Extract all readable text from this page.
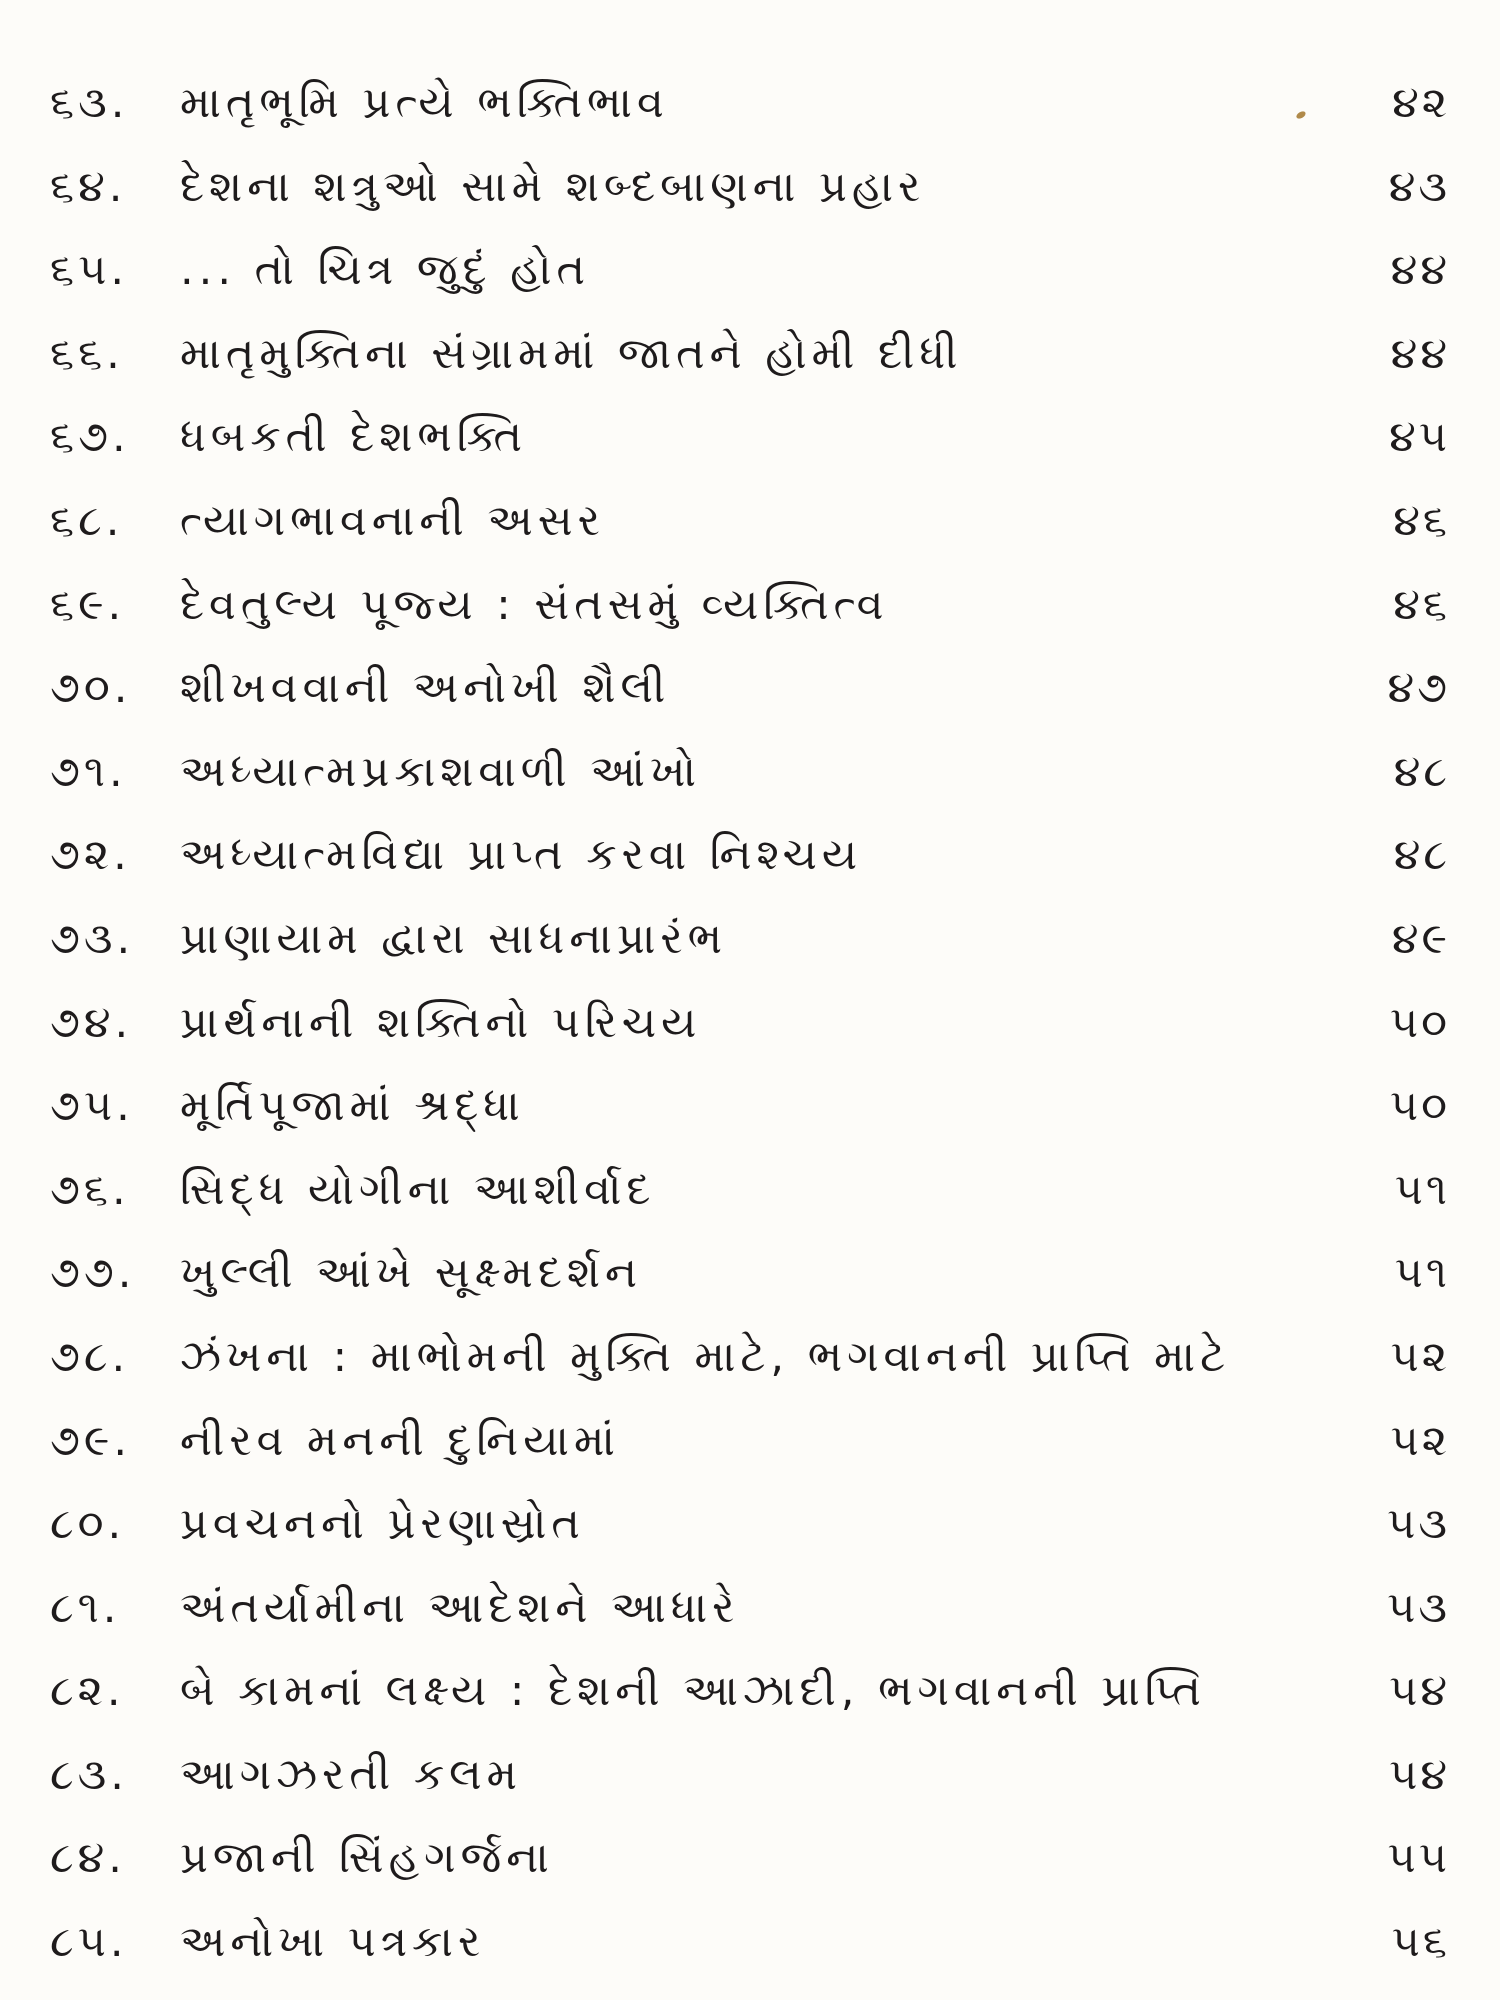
૬૩. માતૃભૂમિ પ્રત્યે ભક્તિભાવ	૪૨
૬૪. દેશના શત્રુઓ સામે શબ્દબાણના પ્રહાર	૪૩
૬૫. ... તો ચિત્ર જુદું હોત	૪૪
૬૬. માતૃમુક્તિના સંગ્રામમાં જાતને હોમી દીધી	૪૪
૬૭. ધબકતી દેશભક્તિ	૪૫
૬૮. ત્યાગભાવનાની અસર	૪૬
૬૯. દેવતુલ્ય પૂજ્ય : સંતસમું વ્યક્તિત્વ	૪૬
૭૦. શીખવવાની અનોખી શૈલી	૪૭
૭૧. અધ્યાત્મપ્રકાશવાળી આંખો	૪૮
૭૨. અધ્યાત્મવિદ્યા પ્રાપ્ત કરવા નિશ્ચય	૪૮
૭૩. પ્રાણાયામ દ્વારા સાધનાપ્રારંભ	૪૯
૭૪. પ્રાર્થનાની શક્તિનો પરિચય	૫૦
૭૫. મૂર્તિપૂજામાં શ્રદ્ધા	૫૦
૭૬. સિદ્ધ યોગીના આશીર્વાદ	૫૧
૭૭. ખુલ્લી આંખે સૂક્ષ્મદર્શન	૫૧
૭૮. ઝંખના : માભોમની મુક્તિ માટે, ભગવાનની પ્રાપ્તિ માટે	૫૨
૭૯. નીરવ મનની દુનિયામાં	૫૨
૮૦. પ્રવચનનો પ્રેરણાસ્રોત	૫૩
૮૧. અંતર્યામીના આદેશને આધારે	૫૩
૮૨. બે કામનાં લક્ષ્ય : દેશની આઝાદી, ભગવાનની પ્રાપ્તિ	૫૪
૮૩. આગઝરતી કલમ	૫૪
૮૪. પ્રજાની સિંહગર્જના	૫૫
૮૫. અનોખા પત્રકાર	૫૬
